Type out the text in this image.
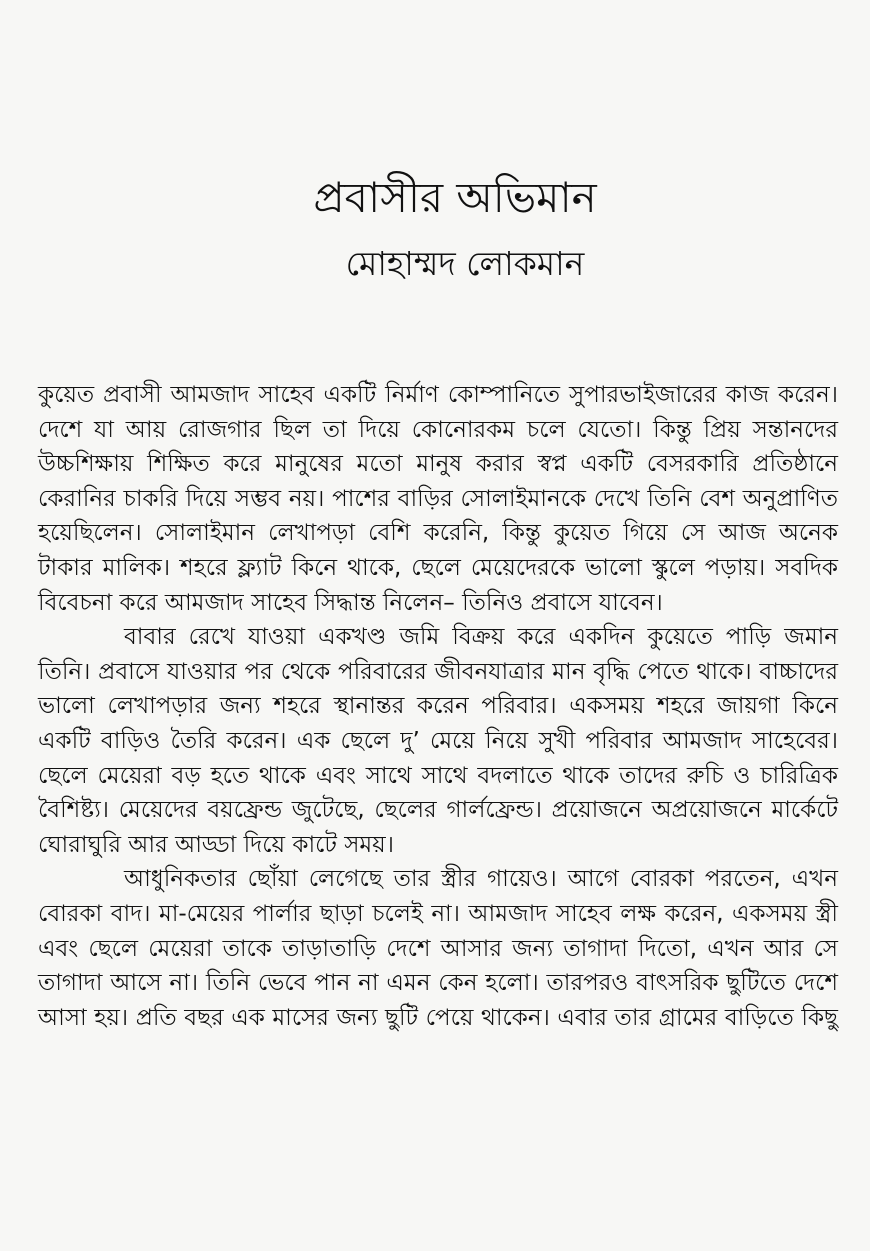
প্রবাসীর অভিমান
মোহাম্মদ লোকমান

কুয়েত প্রবাসী আমজাদ সাহেব একটি নির্মাণ কোম্পানিতে সুপারভাইজারের কাজ করেন। দেশে যা আয় রোজগার ছিল তা দিয়ে কোনোরকম চলে যেতো। কিন্তু প্রিয় সন্তানদের উচ্চশিক্ষায় শিক্ষিত করে মানুষের মতো মানুষ করার স্বপ্ন একটি বেসরকারি প্রতিষ্ঠানে কেরানির চাকরি দিয়ে সম্ভব নয়। পাশের বাড়ির সোলাইমানকে দেখে তিনি বেশ অনুপ্রাণিত হয়েছিলেন। সোলাইমান লেখাপড়া বেশি করেনি, কিন্তু কুয়েত গিয়ে সে আজ অনেক টাকার মালিক। শহরে ফ্ল্যাট কিনে থাকে, ছেলে মেয়েদেরকে ভালো স্কুলে পড়ায়। সবদিক বিবেচনা করে আমজাদ সাহেব সিদ্ধান্ত নিলেন– তিনিও প্রবাসে যাবেন।

বাবার রেখে যাওয়া একখণ্ড জমি বিক্রয় করে একদিন কুয়েতে পাড়ি জমান তিনি। প্রবাসে যাওয়ার পর থেকে পরিবারের জীবনযাত্রার মান বৃদ্ধি পেতে থাকে। বাচ্চাদের ভালো লেখাপড়ার জন্য শহরে স্থানান্তর করেন পরিবার। একসময় শহরে জায়গা কিনে একটি বাড়িও তৈরি করেন। এক ছেলে দু’ মেয়ে নিয়ে সুখী পরিবার আমজাদ সাহেবের। ছেলে মেয়েরা বড় হতে থাকে এবং সাথে সাথে বদলাতে থাকে তাদের রুচি ও চারিত্রিক বৈশিষ্ট্য। মেয়েদের বয়ফ্রেন্ড জুটেছে, ছেলের গার্লফ্রেন্ড। প্রয়োজনে অপ্রয়োজনে মার্কেটে ঘোরাঘুরি আর আড্ডা দিয়ে কাটে সময়।

আধুনিকতার ছোঁয়া লেগেছে তার স্ত্রীর গায়েও। আগে বোরকা পরতেন, এখন বোরকা বাদ। মা-মেয়ের পার্লার ছাড়া চলেই না। আমজাদ সাহেব লক্ষ করেন, একসময় স্ত্রী এবং ছেলে মেয়েরা তাকে তাড়াতাড়ি দেশে আসার জন্য তাগাদা দিতো, এখন আর সে তাগাদা আসে না। তিনি ভেবে পান না এমন কেন হলো। তারপরও বাৎসরিক ছুটিতে দেশে আসা হয়। প্রতি বছর এক মাসের জন্য ছুটি পেয়ে থাকেন। এবার তার গ্রামের বাড়িতে কিছু
